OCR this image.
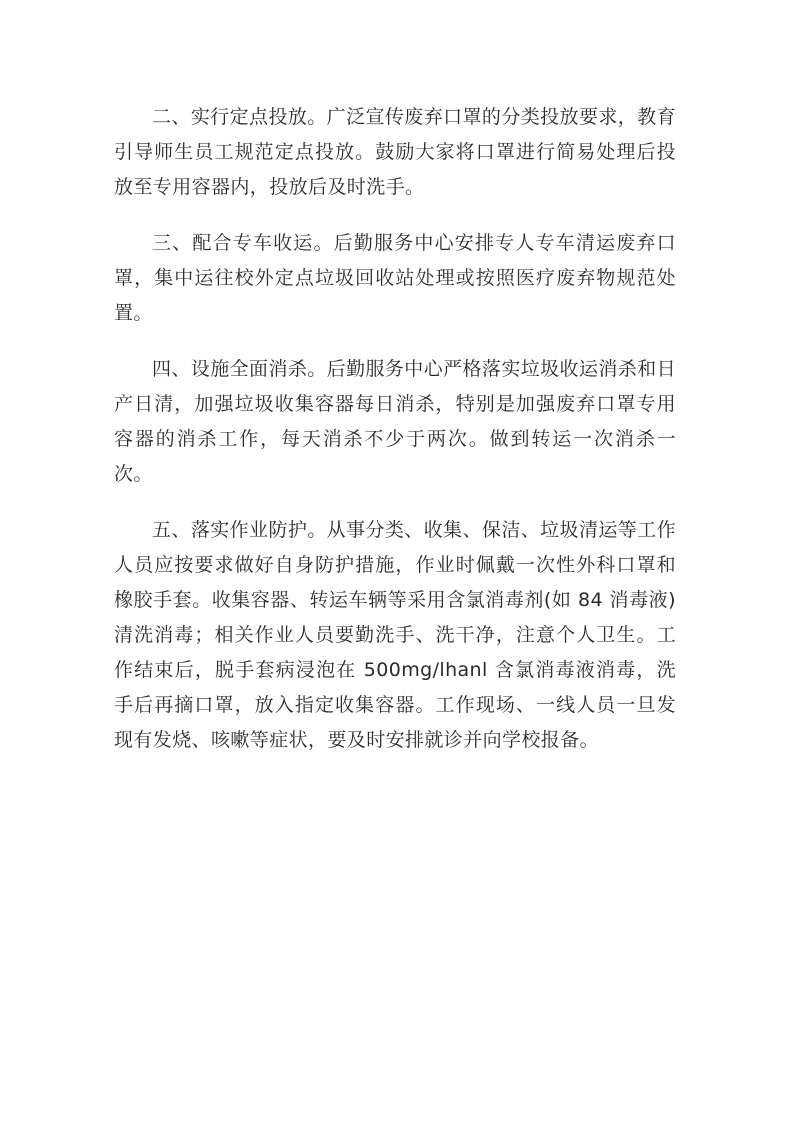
二、实行定点投放。广泛宣传废弃口罩的分类投放要求，教育引导师生员工规范定点投放。鼓励大家将口罩进行简易处理后投放至专用容器内，投放后及时洗手。

三、配合专车收运。后勤服务中心安排专人专车清运废弃口罩，集中运往校外定点垃圾回收站处理或按照医疗废弃物规范处置。

四、设施全面消杀。后勤服务中心严格落实垃圾收运消杀和日产日清，加强垃圾收集容器每日消杀，特别是加强废弃口罩专用容器的消杀工作，每天消杀不少于两次。做到转运一次消杀一次。

五、落实作业防护。从事分类、收集、保洁、垃圾清运等工作人员应按要求做好自身防护措施，作业时佩戴一次性外科口罩和橡胶手套。收集容器、转运车辆等采用含氯消毒剂(如 84 消毒液)清洗消毒；相关作业人员要勤洗手、洗干净，注意个人卫生。工作结束后，脱手套病浸泡在 500mg/lhanl 含氯消毒液消毒，洗手后再摘口罩，放入指定收集容器。工作现场、一线人员一旦发现有发烧、咳嗽等症状，要及时安排就诊并向学校报备。
